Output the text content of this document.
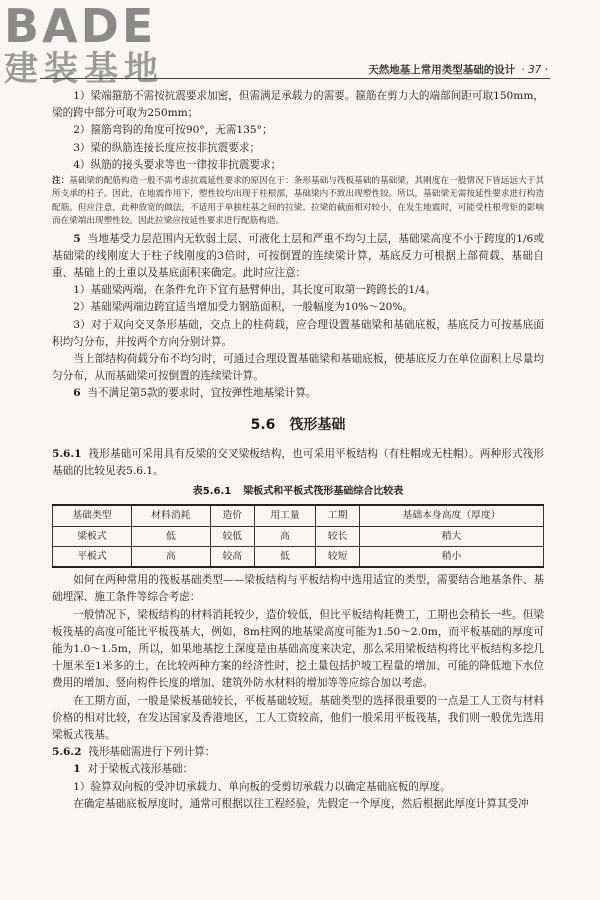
BADE
建装基地	天然地基上常用类型基础的设计 · 37 ·

1）梁端箍筋不需按抗震要求加密，但需满足承载力的需要。箍筋在剪力大的端部间距可取150mm，梁的跨中部分可取为250mm；

2）箍筋弯钩的角度可按90°，无需135°；

3）梁的纵筋连接长度应按非抗震要求；

4）纵筋的接头要求等也一律按非抗震要求；

注：基础梁的配筋构造一般不需考虑抗震延性要求的原因在于：条形基础与筏板基础的基础梁，其刚度在一般情况下皆远远大于其所支承的柱子。因此，在地震作用下，塑性铰均出现于柱根部，基础梁内不致出现塑性铰。所以，基础梁无需按延性要求进行构造配筋。但应注意，此种放宽的做法，不适用于单独柱基之间的拉梁。拉梁的截面相对较小，在发生地震时，可能受柱根弯矩的影响而在梁端出现塑性铰。因此拉梁应按延性要求进行配筋构造。

5 当地基受力层范围内无软弱土层、可液化土层和严重不均匀土层，基础梁高度不小于跨度的1/6或基础梁的线刚度大于柱子线刚度的3倍时，可按倒置的连续梁计算，基底反力可根据上部荷载、基础自重、基础上的土重以及基底面积来确定。此时应注意：

1）基础梁两端，在条件允许下宜有悬臂伸出，其长度可取第一跨跨长的1/4。

2）基础梁两端边跨宜适当增加受力钢筋面积，一般幅度为10%～20%。

3）对于双向交叉条形基础，交点上的柱荷载，应合理设置基础梁和基础底板，基底反力可按基底面积均匀分布，并按两个方向分别计算。

当上部结构荷载分布不均匀时，可通过合理设置基础梁和基础底板，使基底反力在单位面积上尽量均匀分布，从而基础梁可按倒置的连续梁计算。

6 当不满足第5款的要求时，宜按弹性地基梁计算。

5.6 筏形基础

5.6.1 筏形基础可采用具有反梁的交叉梁板结构，也可采用平板结构（有柱帽或无柱帽）。两种形式筏形基础的比较见表5.6.1。

表5.6.1 梁板式和平板式筏形基础综合比较表
基础类型	材料消耗	造价	用工量	工期	基础本身高度（厚度）
梁板式	低	较低	高	较长	稍大
平板式	高	较高	低	较短	稍小

如何在两种常用的筏板基础类型——梁板结构与平板结构中选用适宜的类型，需要结合地基条件、基础埋深、施工条件等综合考虑：

一般情况下，梁板结构的材料消耗较少，造价较低，但比平板结构耗费工，工期也会稍长一些。但梁板筏基的高度可能比平板筏基大，例如，8m柱网的地基梁高度可能为1.50～2.0m，而平板基础的厚度可能为1.0～1.5m，所以，如果地基挖土深度是由基础高度来决定，那么采用梁板结构将比平板结构多挖几十厘米至1米多的土，在比较两种方案的经济性时，挖土量包括护坡工程量的增加、可能的降低地下水位费用的增加、竖向构件长度的增加、建筑外防水材料的增加等等应综合加以考虑。

在工期方面，一般是梁板基础较长，平板基础较短。基础类型的选择很重要的一点是工人工资与材料价格的相对比较，在发达国家及香港地区，工人工资较高，他们一般采用平板筏基，我们则一般优先选用梁板式筏基。

5.6.2 筏形基础需进行下列计算：

1 对于梁板式筏形基础：

1）验算双向板的受冲切承载力、单向板的受剪切承载力以确定基础底板的厚度。

在确定基础底板厚度时，通常可根据以往工程经验，先假定一个厚度，然后根据此厚度计算其受冲
